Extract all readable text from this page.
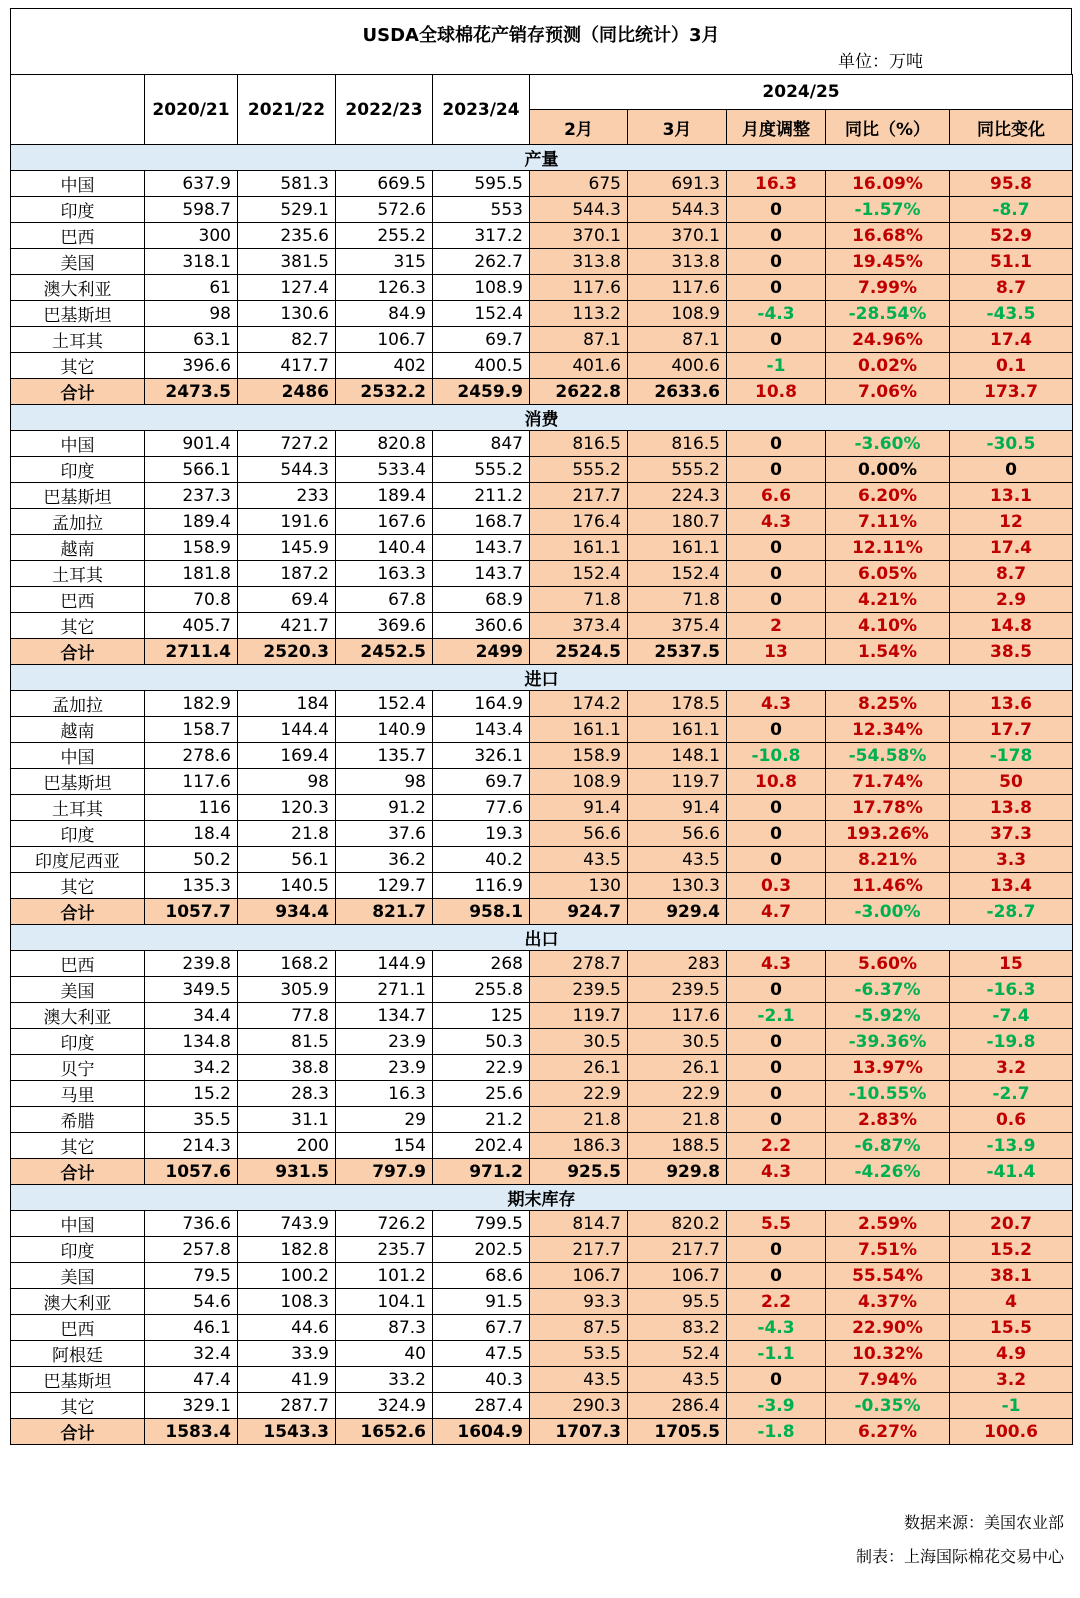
USDA全球棉花产销存预测（同比统计）3月
单位：万吨
	2020/21	2021/22	2022/23	2023/24	2024/25				
					2月	3月	月度调整	同比（%）	同比变化
产量									
中国	637.9	581.3	669.5	595.5	675	691.3	16.3	16.09%	95.8
印度	598.7	529.1	572.6	553	544.3	544.3	0	-1.57%	-8.7
巴西	300	235.6	255.2	317.2	370.1	370.1	0	16.68%	52.9
美国	318.1	381.5	315	262.7	313.8	313.8	0	19.45%	51.1
澳大利亚	61	127.4	126.3	108.9	117.6	117.6	0	7.99%	8.7
巴基斯坦	98	130.6	84.9	152.4	113.2	108.9	-4.3	-28.54%	-43.5
土耳其	63.1	82.7	106.7	69.7	87.1	87.1	0	24.96%	17.4
其它	396.6	417.7	402	400.5	401.6	400.6	-1	0.02%	0.1
合计	2473.5	2486	2532.2	2459.9	2622.8	2633.6	10.8	7.06%	173.7
消费									
中国	901.4	727.2	820.8	847	816.5	816.5	0	-3.60%	-30.5
印度	566.1	544.3	533.4	555.2	555.2	555.2	0	0.00%	0
巴基斯坦	237.3	233	189.4	211.2	217.7	224.3	6.6	6.20%	13.1
孟加拉	189.4	191.6	167.6	168.7	176.4	180.7	4.3	7.11%	12
越南	158.9	145.9	140.4	143.7	161.1	161.1	0	12.11%	17.4
土耳其	181.8	187.2	163.3	143.7	152.4	152.4	0	6.05%	8.7
巴西	70.8	69.4	67.8	68.9	71.8	71.8	0	4.21%	2.9
其它	405.7	421.7	369.6	360.6	373.4	375.4	2	4.10%	14.8
合计	2711.4	2520.3	2452.5	2499	2524.5	2537.5	13	1.54%	38.5
进口									
孟加拉	182.9	184	152.4	164.9	174.2	178.5	4.3	8.25%	13.6
越南	158.7	144.4	140.9	143.4	161.1	161.1	0	12.34%	17.7
中国	278.6	169.4	135.7	326.1	158.9	148.1	-10.8	-54.58%	-178
巴基斯坦	117.6	98	98	69.7	108.9	119.7	10.8	71.74%	50
土耳其	116	120.3	91.2	77.6	91.4	91.4	0	17.78%	13.8
印度	18.4	21.8	37.6	19.3	56.6	56.6	0	193.26%	37.3
印度尼西亚	50.2	56.1	36.2	40.2	43.5	43.5	0	8.21%	3.3
其它	135.3	140.5	129.7	116.9	130	130.3	0.3	11.46%	13.4
合计	1057.7	934.4	821.7	958.1	924.7	929.4	4.7	-3.00%	-28.7
出口									
巴西	239.8	168.2	144.9	268	278.7	283	4.3	5.60%	15
美国	349.5	305.9	271.1	255.8	239.5	239.5	0	-6.37%	-16.3
澳大利亚	34.4	77.8	134.7	125	119.7	117.6	-2.1	-5.92%	-7.4
印度	134.8	81.5	23.9	50.3	30.5	30.5	0	-39.36%	-19.8
贝宁	34.2	38.8	23.9	22.9	26.1	26.1	0	13.97%	3.2
马里	15.2	28.3	16.3	25.6	22.9	22.9	0	-10.55%	-2.7
希腊	35.5	31.1	29	21.2	21.8	21.8	0	2.83%	0.6
其它	214.3	200	154	202.4	186.3	188.5	2.2	-6.87%	-13.9
合计	1057.6	931.5	797.9	971.2	925.5	929.8	4.3	-4.26%	-41.4
期末库存									
中国	736.6	743.9	726.2	799.5	814.7	820.2	5.5	2.59%	20.7
印度	257.8	182.8	235.7	202.5	217.7	217.7	0	7.51%	15.2
美国	79.5	100.2	101.2	68.6	106.7	106.7	0	55.54%	38.1
澳大利亚	54.6	108.3	104.1	91.5	93.3	95.5	2.2	4.37%	4
巴西	46.1	44.6	87.3	67.7	87.5	83.2	-4.3	22.90%	15.5
阿根廷	32.4	33.9	40	47.5	53.5	52.4	-1.1	10.32%	4.9
巴基斯坦	47.4	41.9	33.2	40.3	43.5	43.5	0	7.94%	3.2
其它	329.1	287.7	324.9	287.4	290.3	286.4	-3.9	-0.35%	-1
合计	1583.4	1543.3	1652.6	1604.9	1707.3	1705.5	-1.8	6.27%	100.6
数据来源：美国农业部
制表：上海国际棉花交易中心
